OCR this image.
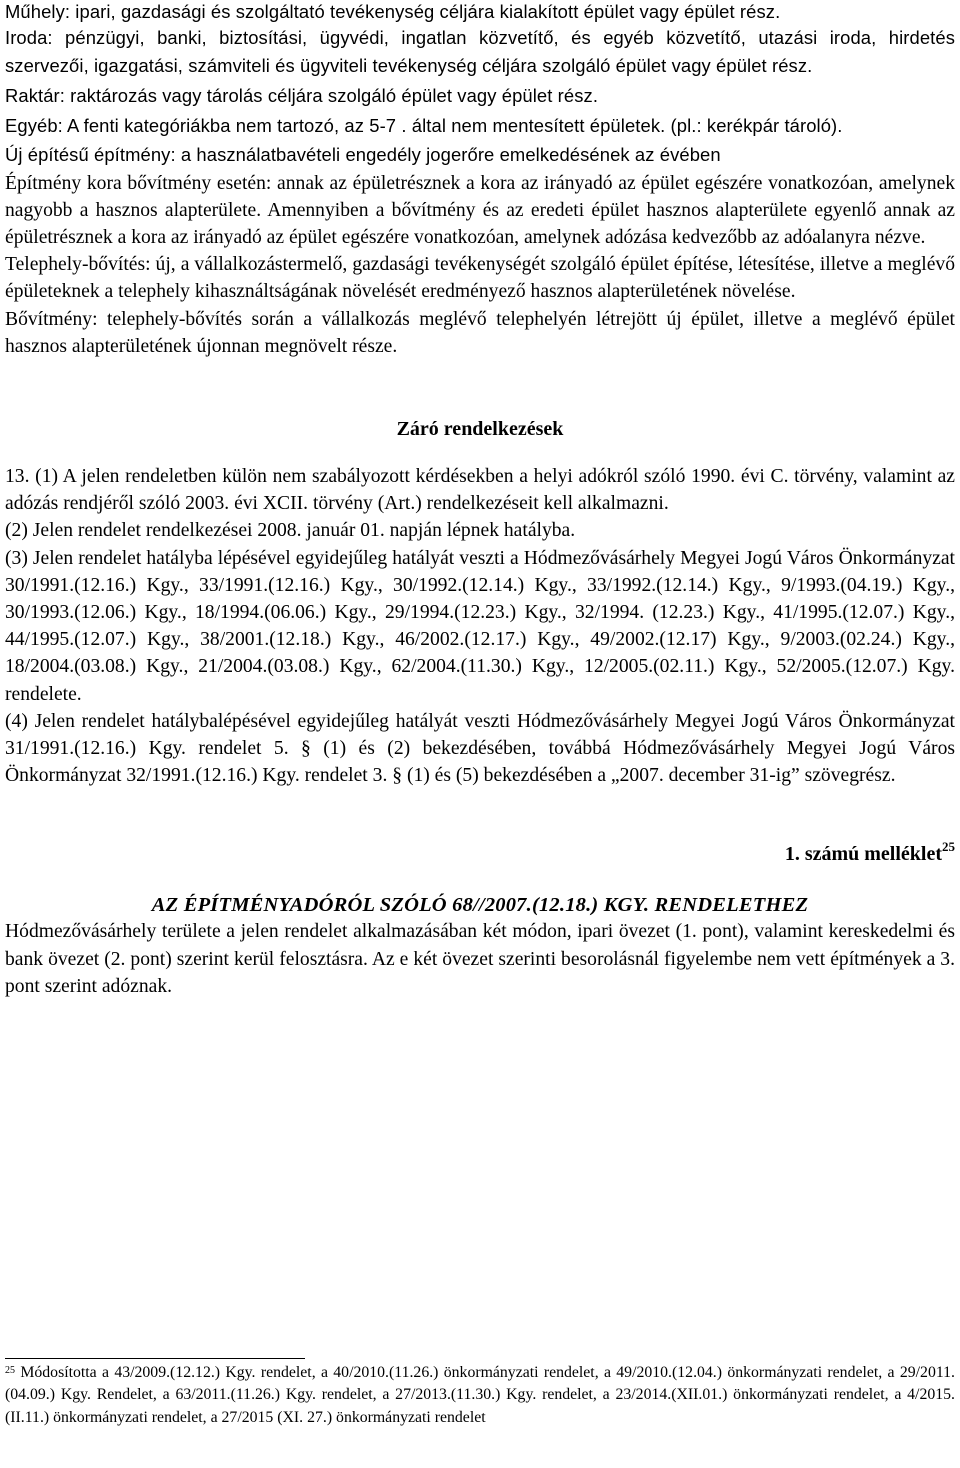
Műhely: ipari, gazdasági és szolgáltató tevékenység céljára kialakított épület vagy épület rész.

Iroda: pénzügyi, banki, biztosítási, ügyvédi, ingatlan közvetítő, és egyéb közvetítő, utazási iroda, hirdetés szervezői, igazgatási, számviteli és ügyviteli tevékenység céljára szolgáló épület vagy épület rész.

Raktár: raktározás vagy tárolás céljára szolgáló épület vagy épület rész.

Egyéb: A fenti kategóriákba nem tartozó, az 5-7 . által nem mentesített épületek. (pl.: kerékpár tároló).

Új építésű építmény: a használatbavételi engedély jogerőre emelkedésének az évében

Építmény kora bővítmény esetén: annak az épületrésznek a kora az irányadó az épület egészére vonatkozóan, amelynek nagyobb a hasznos alapterülete. Amennyiben a bővítmény és az eredeti épület hasznos alapterülete egyenlő annak az épületrésznek a kora az irányadó az épület egészére vonatkozóan, amelynek adózása kedvezőbb az adóalanyra nézve.

Telephely-bővítés: új, a vállalkozástermelő, gazdasági tevékenységét szolgáló épület építése, létesítése, illetve a meglévő épületeknek a telephely kihasználtságának növelését eredményező hasznos alapterületének növelése.

Bővítmény: telephely-bővítés során a vállalkozás meglévő telephelyén létrejött új épület, illetve a meglévő épület hasznos alapterületének újonnan megnövelt része.

Záró rendelkezések

13. (1) A jelen rendeletben külön nem szabályozott kérdésekben a helyi adókról szóló 1990. évi C. törvény, valamint az adózás rendjéről szóló 2003. évi XCII. törvény (Art.) rendelkezéseit kell alkalmazni.

(2) Jelen rendelet rendelkezései 2008. január 01. napján lépnek hatályba.

(3) Jelen rendelet hatályba lépésével egyidejűleg hatályát veszti a Hódmezővásárhely Megyei Jogú Város Önkormányzat 30/1991.(12.16.) Kgy., 33/1991.(12.16.) Kgy., 30/1992.(12.14.) Kgy., 33/1992.(12.14.) Kgy., 9/1993.(04.19.) Kgy., 30/1993.(12.06.) Kgy., 18/1994.(06.06.) Kgy., 29/1994.(12.23.) Kgy., 32/1994. (12.23.) Kgy., 41/1995.(12.07.) Kgy., 44/1995.(12.07.) Kgy., 38/2001.(12.18.) Kgy., 46/2002.(12.17.) Kgy., 49/2002.(12.17) Kgy., 9/2003.(02.24.) Kgy., 18/2004.(03.08.) Kgy., 21/2004.(03.08.) Kgy., 62/2004.(11.30.) Kgy., 12/2005.(02.11.) Kgy., 52/2005.(12.07.) Kgy. rendelete.

(4) Jelen rendelet hatálybalépésével egyidejűleg hatályát veszti Hódmezővásárhely Megyei Jogú Város Önkormányzat 31/1991.(12.16.) Kgy. rendelet 5. § (1) és (2) bekezdésében, továbbá Hódmezővásárhely Megyei Jogú Város Önkormányzat 32/1991.(12.16.) Kgy. rendelet 3. § (1) és (5) bekezdésében a „2007. december 31-ig” szövegrész.

1. számú melléklet$^{25}$

AZ ÉPÍTMÉNYADÓRÓL SZÓLÓ 68//2007.(12.18.) KGY. RENDELETHEZ

Hódmezővásárhely területe a jelen rendelet alkalmazásában két módon, ipari övezet (1. pont), valamint kereskedelmi és bank övezet (2. pont) szerint kerül felosztásra. Az e két övezet szerinti besorolásnál figyelembe nem vett építmények a 3. pont szerint adóznak.

$^{25}$ Módosította a 43/2009.(12.12.) Kgy. rendelet, a 40/2010.(11.26.) önkormányzati rendelet, a 49/2010.(12.04.) önkormányzati rendelet, a 29/2011.(04.09.) Kgy. Rendelet, a 63/2011.(11.26.) Kgy. rendelet, a 27/2013.(11.30.) Kgy. rendelet, a 23/2014.(XII.01.) önkormányzati rendelet, a 4/2015.(II.11.) önkormányzati rendelet, a 27/2015 (XI. 27.) önkormányzati rendelet
